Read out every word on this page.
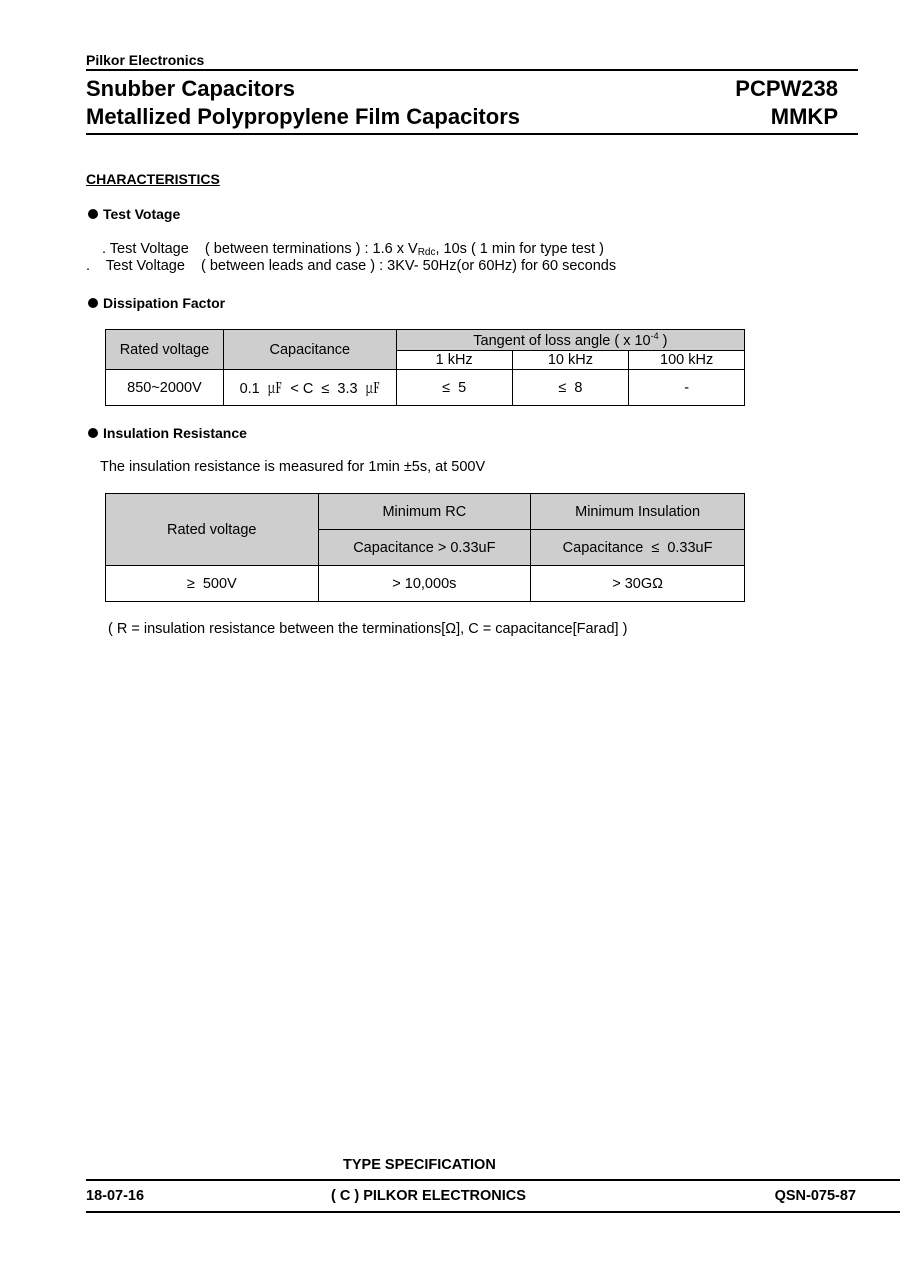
Pilkor Electronics
Snubber Capacitors
Metallized Polypropylene Film Capacitors
PCPW238
MMKP
CHARACTERISTICS
Test Votage
. Test Voltage    ( between terminations ) : 1.6 x $V_{Rdc}$, 10s ( 1 min for type test )
.    Test Voltage    ( between leads and case ) : 3KV- 50Hz(or 60Hz) for 60 seconds
Dissipation Factor
Rated voltage	Capacitance	Tangent of loss angle ( x $10^{-4}$ )		
		1 kHz	10 kHz	100 kHz
850~2000V	0.1  ㎌  < C  ≤  3.3  ㎌	≤  5	≤  8	-
Insulation Resistance
The insulation resistance is measured for 1min ±5s, at 500V
Rated voltage	Minimum RC	Minimum Insulation
	Capacitance > 0.33uF	Capacitance  ≤  0.33uF
≥  500V	> 10,000s	> 30GΩ
( R = insulation resistance between the terminations[Ω], C = capacitance[Farad] )
TYPE SPECIFICATION
18-07-16	( C ) PILKOR ELECTRONICS	QSN-075-87
